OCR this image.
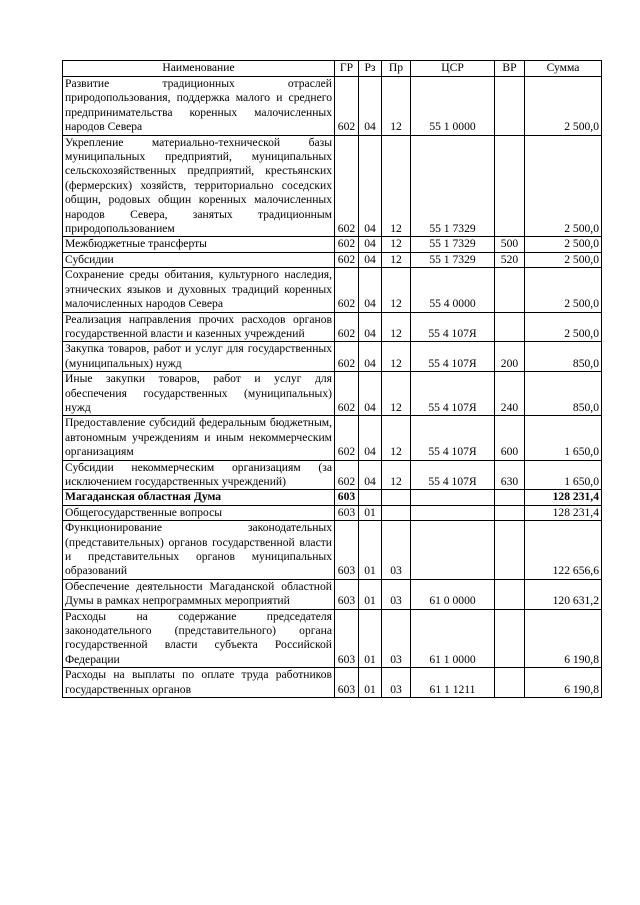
Наименование	ГР	Рз	Пр	ЦСР	ВР	Сумма
Развитие традиционных отраслей природопользования, поддержка малого и среднего предпринимательства коренных малочисленных народов Севера	602	04	12	55 1 0000		2 500,0
Укрепление материально-технической базы муниципальных предприятий, муниципальных сельскохозяйственных предприятий, крестьянских (фермерских) хозяйств, территориально соседских общин, родовых общин коренных малочисленных народов Севера, занятых традиционным природопользованием	602	04	12	55 1 7329		2 500,0
Межбюджетные трансферты	602	04	12	55 1 7329	500	2 500,0
Субсидии	602	04	12	55 1 7329	520	2 500,0
Сохранение среды обитания, культурного наследия, этнических языков и духовных традиций коренных малочисленных народов Севера	602	04	12	55 4 0000		2 500,0
Реализация направления прочих расходов органов государственной власти и казенных учреждений	602	04	12	55 4 107Я		2 500,0
Закупка товаров, работ и услуг для государственных (муниципальных) нужд	602	04	12	55 4 107Я	200	850,0
Иные закупки товаров, работ и услуг для обеспечения государственных (муниципальных) нужд	602	04	12	55 4 107Я	240	850,0
Предоставление субсидий федеральным бюджетным, автономным учреждениям и иным некоммерческим организациям	602	04	12	55 4 107Я	600	1 650,0
Субсидии некоммерческим организациям (за исключением государственных учреждений)	602	04	12	55 4 107Я	630	1 650,0
Магаданская областная Дума	603					128 231,4
Общегосударственные вопросы	603	01				128 231,4
Функционирование законодательных (представительных) органов государственной власти и представительных органов муниципальных образований	603	01	03			122 656,6
Обеспечение деятельности Магаданской областной Думы в рамках непрограммных мероприятий	603	01	03	61 0 0000		120 631,2
Расходы на содержание председателя законодательного (представительного) органа государственной власти субъекта Российской Федерации	603	01	03	61 1 0000		6 190,8
Расходы на выплаты по оплате труда работников государственных органов	603	01	03	61 1 1211		6 190,8
